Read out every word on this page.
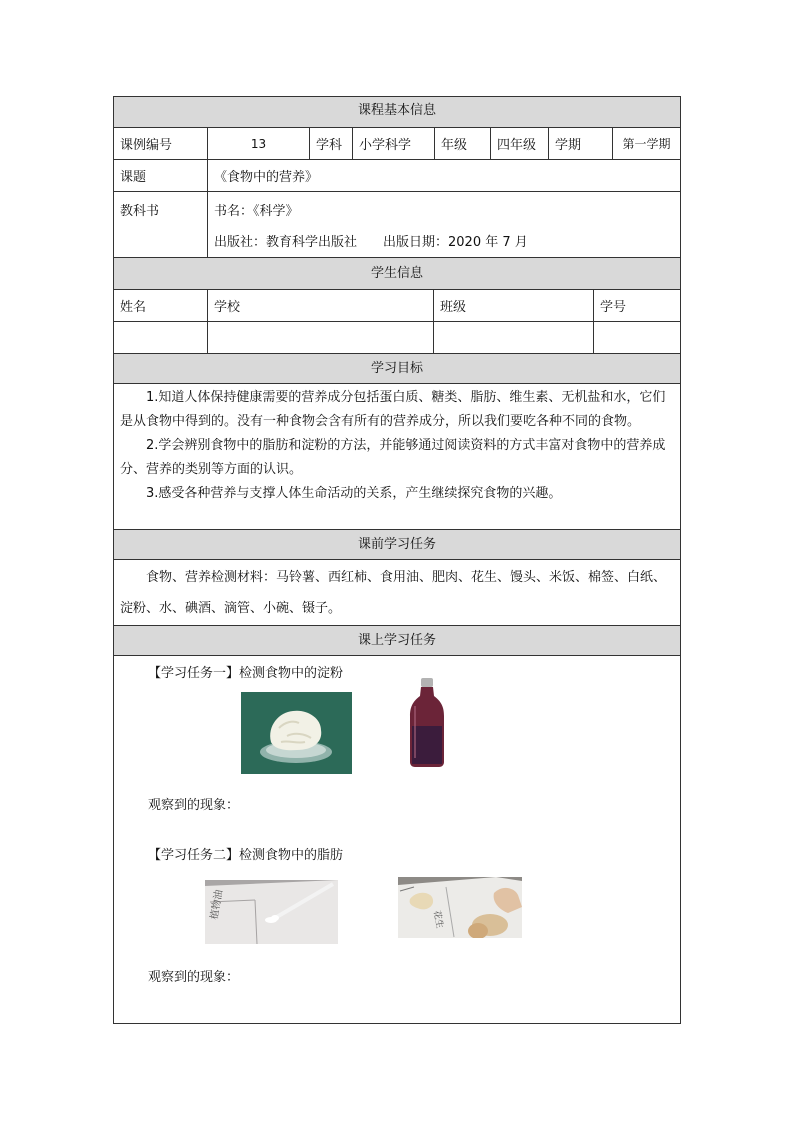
课程基本信息
课例编号	13	学科	小学科学	年级	四年级	学期	第一学期
课题	《食物中的营养》
教科书	书名：《科学》
出版社：教育科学出版社　　出版日期：2020 年 7 月
学生信息
姓名	学校	班级	学号
学习目标

1.知道人体保持健康需要的营养成分包括蛋白质、糖类、脂肪、维生素、无机盐和水，它们是从食物中得到的。没有一种食物会含有所有的营养成分，所以我们要吃各种不同的食物。

2.学会辨别食物中的脂肪和淀粉的方法，并能够通过阅读资料的方式丰富对食物中的营养成分、营养的类别等方面的认识。

3.感受各种营养与支撑人体生命活动的关系，产生继续探究食物的兴趣。

课前学习任务

食物、营养检测材料：马铃薯、西红柿、食用油、肥肉、花生、馒头、米饭、棉签、白纸、淀粉、水、碘酒、滴管、小碗、镊子。

课上学习任务
【学习任务一】检测食物中的淀粉
观察到的现象：
【学习任务二】检测食物中的脂肪
植物油	花生
观察到的现象：
